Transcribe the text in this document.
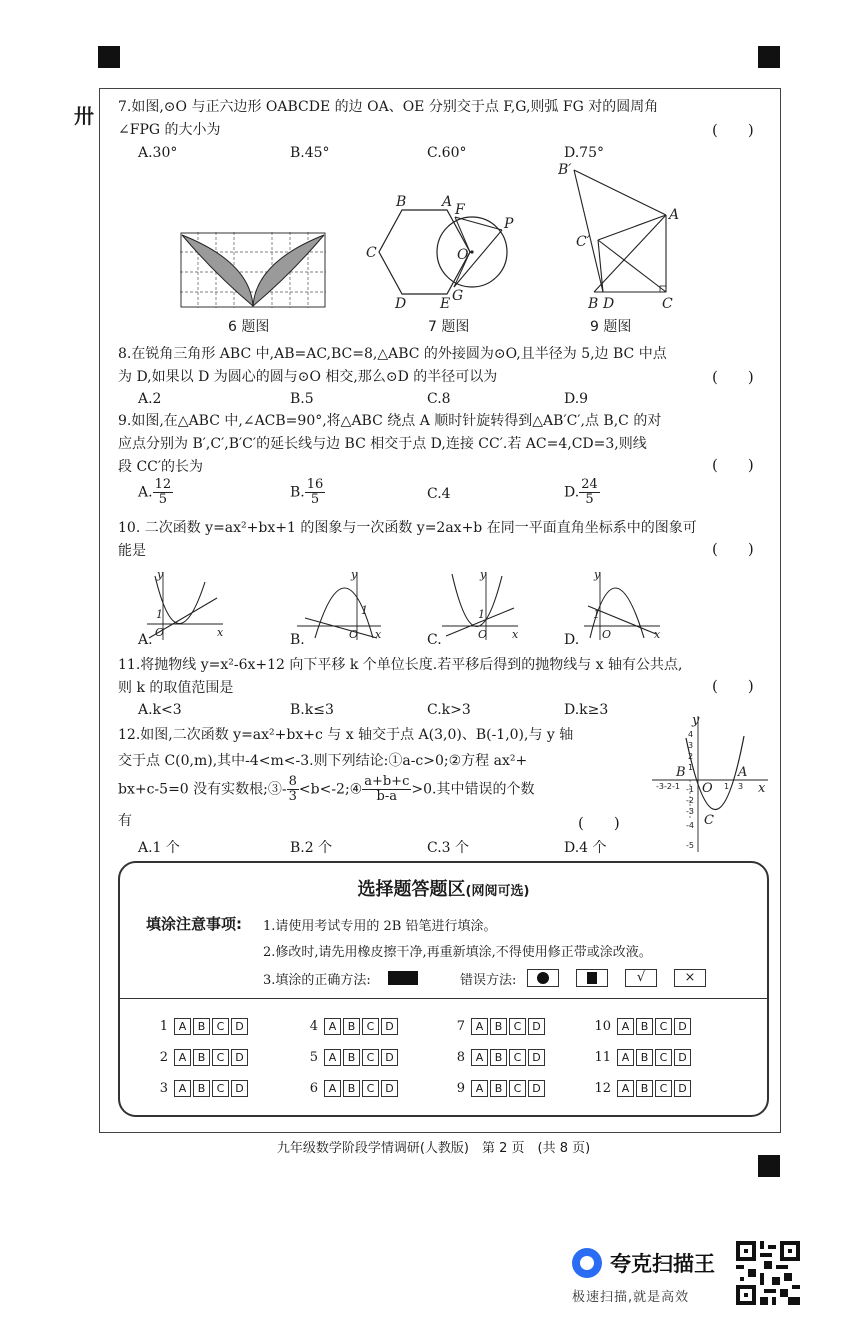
卅 7.如图,⊙O 与正六边形 OABCDE 的边 OA、OE 分别交于点 F,G,则弧 FG 对的圆周角
∠FPG 的大小为	(　　)
A.30°	B.45°	C.60°	D.75°
6 题图
B	A F
P
C	O
D E G
7 题图
B′
A
C′
B D	C
9 题图
8.在锐角三角形 ABC 中,AB=AC,BC=8,△ABC 的外接圆为⊙O,且半径为 5,边 BC 中点
为 D,如果以 D 为圆心的圆与⊙O 相交,那么⊙D 的半径可以为	(　　)
A.2	B.5	C.8	D.9
9.如图,在△ABC 中,∠ACB=90°,将△ABC 绕点 A 顺时针旋转得到△AB′C′,点 B,C 的对
应点分别为 B′,C′,B′C′的延长线与边 BC 相交于点 D,连接 CC′.若 AC=4,CD=3,则线
段 CC′的长为	(　　)
A. $\frac{12}{5}$	B. $\frac{16}{5}$	C.4	D. $\frac{24}{5}$
10. 二次函数 y=ax²+bx+1 的图象与一次函数 y=2ax+b 在同一平面直角坐标系中的图象可
能是	(　　)
y
x
O
1
A.
y
x
O
1
B.
y
x
O
1
C.
y
x
O
1
D.
11.将抛物线 y=x²-6x+12 向下平移 k 个单位长度.若平移后得到的抛物线与 x 轴有公共点,
则 k 的取值范围是	(　　)
A.k<3	B.k≤3	C.k>3	D.k≥3
12.如图,二次函数 y=ax²+bx+c 与 x 轴交于点 A(3,0)、B(-1,0),与 y 轴
交于点 C(0,m),其中-4<m<-3.则下列结论:①a-c>0;②方程 ax²+
bx+c-5=0 没有实数根;③- $\frac{8}{3}$ <b<-2;④ $\frac{a+b+c}{b-a} >0$.其中错误的个数
有	(　　)
A.1 个	B.2 个	C.3 个	D.4 个
4
3
2
1
-1
-2
-3
-4
-5
-3-2-1	1 3
y
x
O
A
B
C
选择题答题区(网阅可选)
填涂注意事项: 1.请使用考试专用的 2B 铅笔进行填涂。
2.修改时,请先用橡皮擦干净,再重新填涂,不得使用修正带或涂改液。
3.填涂的正确方法:	错误方法:	√	×
1 A	B	C D	4 A	B	C D	7 A	B	C D	10 A	B	C D
2 A	B	C D	5 A	B	C D	8 A	B	C D	11 A	B	C D
3 A	B	C D	6 A	B	C D	9 A	B	C D	12 A	B	C D
九年级数学阶段学情调研(人教版)　第 2 页　(共 8 页)
夸克扫描王
极速扫描,就是高效
